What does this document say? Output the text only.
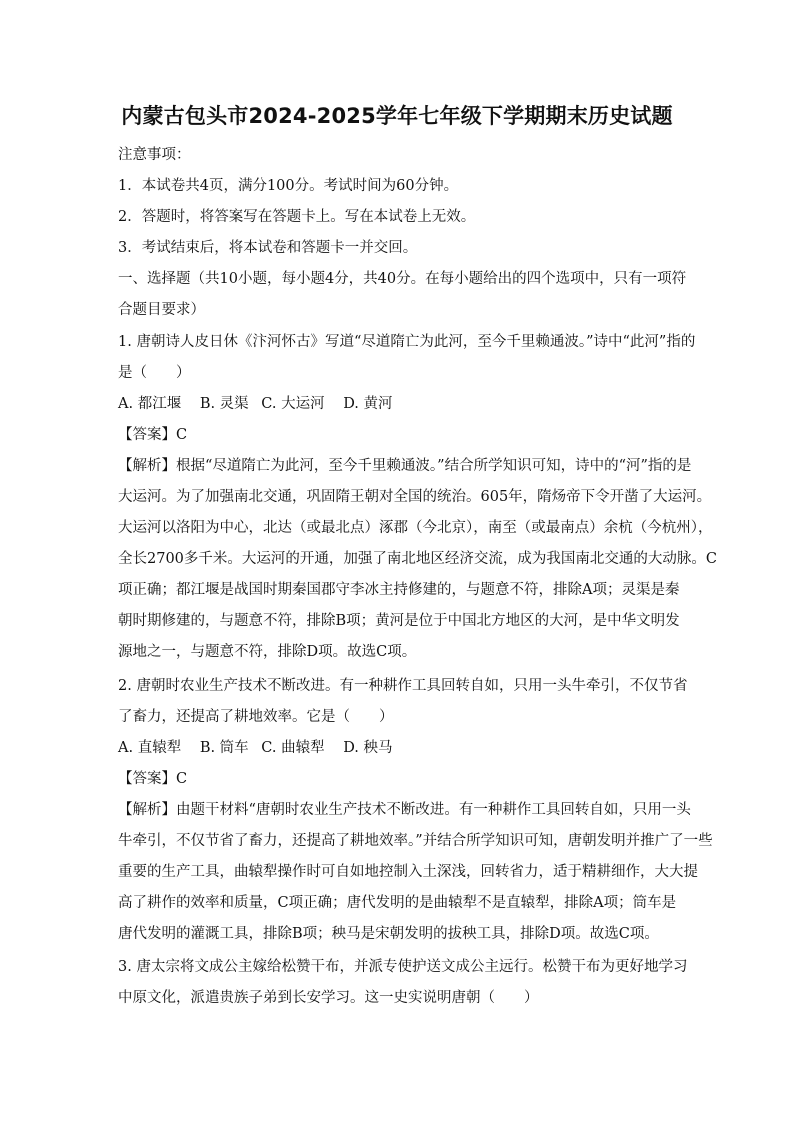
内蒙古包头市2024-2025学年七年级下学期期末历史试题
注意事项：
1．本试卷共4页，满分100分。考试时间为60分钟。
2．答题时，将答案写在答题卡上。写在本试卷上无效。
3．考试结束后，将本试卷和答题卡一并交回。
一、选择题（共10小题，每小题4分，共40分。在每小题给出的四个选项中，只有一项符
合题目要求）
1. 唐朝诗人皮日休《汴河怀古》写道“尽道隋亡为此河，至今千里赖通波。”诗中“此河”指的
是（　　）
A. 都江堰 B. 灵渠 C. 大运河 D. 黄河
【答案】C
【解析】根据“尽道隋亡为此河，至今千里赖通波。”结合所学知识可知，诗中的“河”指的是
大运河。为了加强南北交通，巩固隋王朝对全国的统治。605年，隋炀帝下令开凿了大运河。
大运河以洛阳为中心，北达（或最北点）涿郡（今北京），南至（或最南点）余杭（今杭州），
全长2700多千米。大运河的开通，加强了南北地区经济交流，成为我国南北交通的大动脉。C
项正确；都江堰是战国时期秦国郡守李冰主持修建的，与题意不符，排除A项；灵渠是秦
朝时期修建的，与题意不符，排除B项；黄河是位于中国北方地区的大河，是中华文明发
源地之一，与题意不符，排除D项。故选C项。
2. 唐朝时农业生产技术不断改进。有一种耕作工具回转自如，只用一头牛牵引，不仅节省
了畜力，还提高了耕地效率。它是（　　）
A. 直辕犁 B. 筒车 C. 曲辕犁 D. 秧马
【答案】C
【解析】由题干材料“唐朝时农业生产技术不断改进。有一种耕作工具回转自如，只用一头
牛牵引，不仅节省了畜力，还提高了耕地效率。”并结合所学知识可知，唐朝发明并推广了一些
重要的生产工具，曲辕犁操作时可自如地控制入土深浅，回转省力，适于精耕细作，大大提
高了耕作的效率和质量，C项正确；唐代发明的是曲辕犁不是直辕犁，排除A项；筒车是
唐代发明的灌溉工具，排除B项；秧马是宋朝发明的拔秧工具，排除D项。故选C项。
3. 唐太宗将文成公主嫁给松赞干布，并派专使护送文成公主远行。松赞干布为更好地学习
中原文化，派遣贵族子弟到长安学习。这一史实说明唐朝（　　）
